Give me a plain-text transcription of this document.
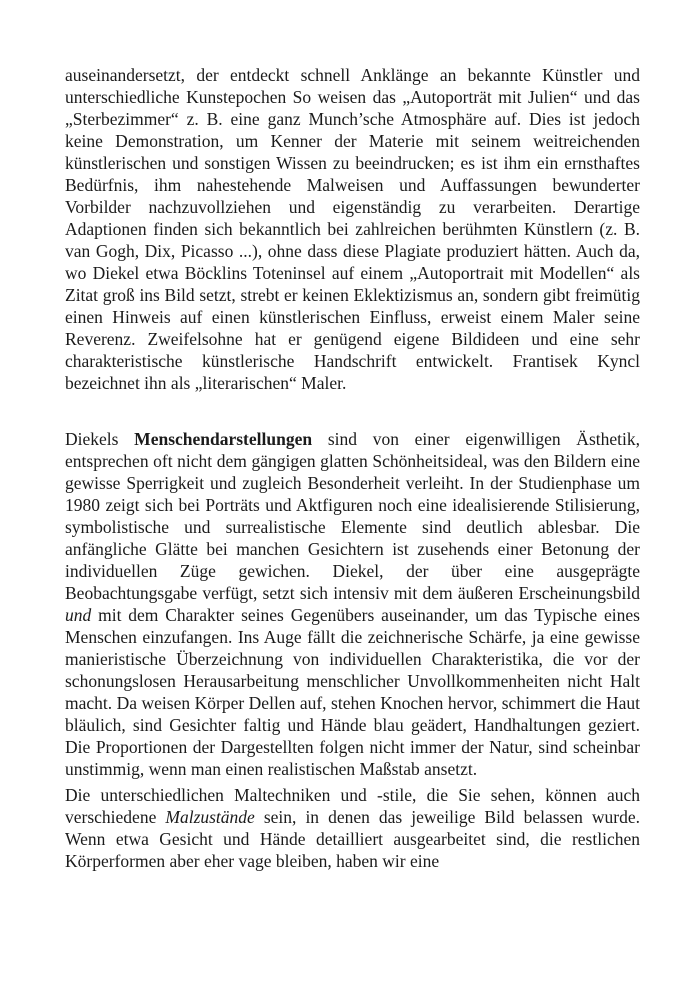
auseinandersetzt, der entdeckt schnell Anklänge an bekannte Künstler und unterschiedliche Kunstepochen So weisen das „Autoporträt mit Julien“ und das „Sterbezimmer“ z. B. eine ganz Munch’sche Atmosphäre auf. Dies ist jedoch keine Demonstration, um Kenner der Materie mit seinem weitreichenden künstlerischen und sonstigen Wissen zu beeindrucken; es ist ihm ein ernsthaftes Bedürfnis, ihm nahestehende Malweisen und Auffassungen bewunderter Vorbilder nachzuvollziehen und eigenständig zu verarbeiten. Derartige Adaptionen finden sich bekanntlich bei zahlreichen berühmten Künstlern (z. B. van Gogh, Dix, Picasso ...), ohne dass diese Plagiate produziert hätten. Auch da, wo Diekel etwa Böcklins Toteninsel auf einem „Autoportrait mit Modellen“ als Zitat groß ins Bild setzt, strebt er keinen Eklektizismus an, sondern gibt freimütig einen Hinweis auf einen künstlerischen Einfluss, erweist einem Maler seine Reverenz. Zweifelsohne hat er genügend eigene Bildideen und eine sehr charakteristische künstlerische Handschrift entwickelt. Frantisek Kyncl bezeichnet ihn als „literarischen“ Maler.

Diekels Menschendarstellungen sind von einer eigenwilligen Ästhetik, entsprechen oft nicht dem gängigen glatten Schönheitsideal, was den Bildern eine gewisse Sperrigkeit und zugleich Besonderheit verleiht. In der Studienphase um 1980 zeigt sich bei Porträts und Aktfiguren noch eine idealisierende Stilisierung, symbolistische und surrealistische Elemente sind deutlich ablesbar. Die anfängliche Glätte bei manchen Gesichtern ist zusehends einer Betonung der individuellen Züge gewichen. Diekel, der über eine ausgeprägte Beobachtungsgabe verfügt, setzt sich intensiv mit dem äußeren Erscheinungsbild und mit dem Charakter seines Gegenübers auseinander, um das Typische eines Menschen einzufangen. Ins Auge fällt die zeichnerische Schärfe, ja eine gewisse manieristische Überzeichnung von individuellen Charakteristika, die vor der schonungslosen Herausarbeitung menschlicher Unvollkommenheiten nicht Halt macht. Da weisen Körper Dellen auf, stehen Knochen hervor, schimmert die Haut bläulich, sind Gesichter faltig und Hände blau geädert, Handhaltungen geziert. Die Proportionen der Dargestellten folgen nicht immer der Natur, sind scheinbar unstimmig, wenn man einen realistischen Maßstab ansetzt.

Die unterschiedlichen Maltechniken und -stile, die Sie sehen, können auch verschiedene Malzustände sein, in denen das jeweilige Bild belassen wurde. Wenn etwa Gesicht und Hände detailliert ausgearbeitet sind, die restlichen Körperformen aber eher vage bleiben, haben wir eine
